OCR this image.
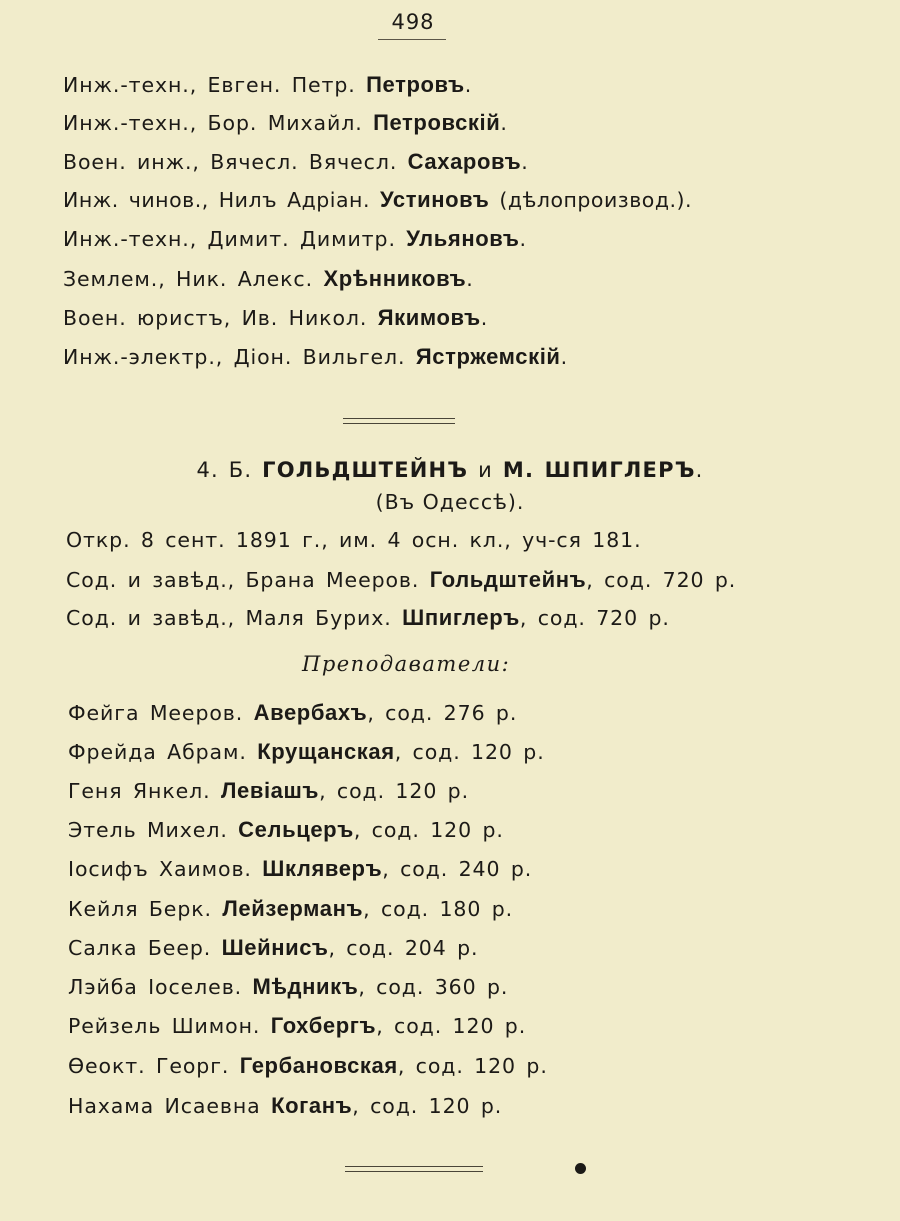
498
Инж.-техн., Евген. Петр. Петровъ.
Инж.-техн., Бор. Михайл. Петровскій.
Воен. инж., Вячесл. Вячесл. Сахаровъ.
Инж. чинов., Нилъ Адріан. Устиновъ (дѣлопроизвод.).
Инж.-техн., Димит. Димитр. Ульяновъ.
Землем., Ник. Алекс. Хрѣнниковъ.
Воен. юристъ, Ив. Никол. Якимовъ.
Инж.-электр., Діон. Вильгел. Ястржемскій.
4. Б. ГОЛЬДШТЕЙНЪ и М. ШПИГЛЕРЪ.
(Въ Одессѣ).
Откр. 8 сент. 1891 г., им. 4 осн. кл., уч-ся 181.
Сод. и завѣд., Брана Мееров. Гольдштейнъ, сод. 720 р.
Сод. и завѣд., Маля Бурих. Шпиглеръ, сод. 720 р.
Преподаватели:
Фейга Мееров. Авербахъ, сод. 276 р.
Фрейда Абрам. Крущанская, сод. 120 р.
Геня Янкел. Левіашъ, сод. 120 р.
Этель Михел. Сельцеръ, сод. 120 р.
Іосифъ Хаимов. Шкляверъ, сод. 240 р.
Кейля Берк. Лейзерманъ, сод. 180 р.
Салка Беер. Шейнисъ, сод. 204 р.
Лэйба Іоселев. Мѣдникъ, сод. 360 р.
Рейзель Шимон. Гохбергъ, сод. 120 р.
Өеокт. Георг. Гербановская, сод. 120 р.
Нахама Исаевна Коганъ, сод. 120 р.
